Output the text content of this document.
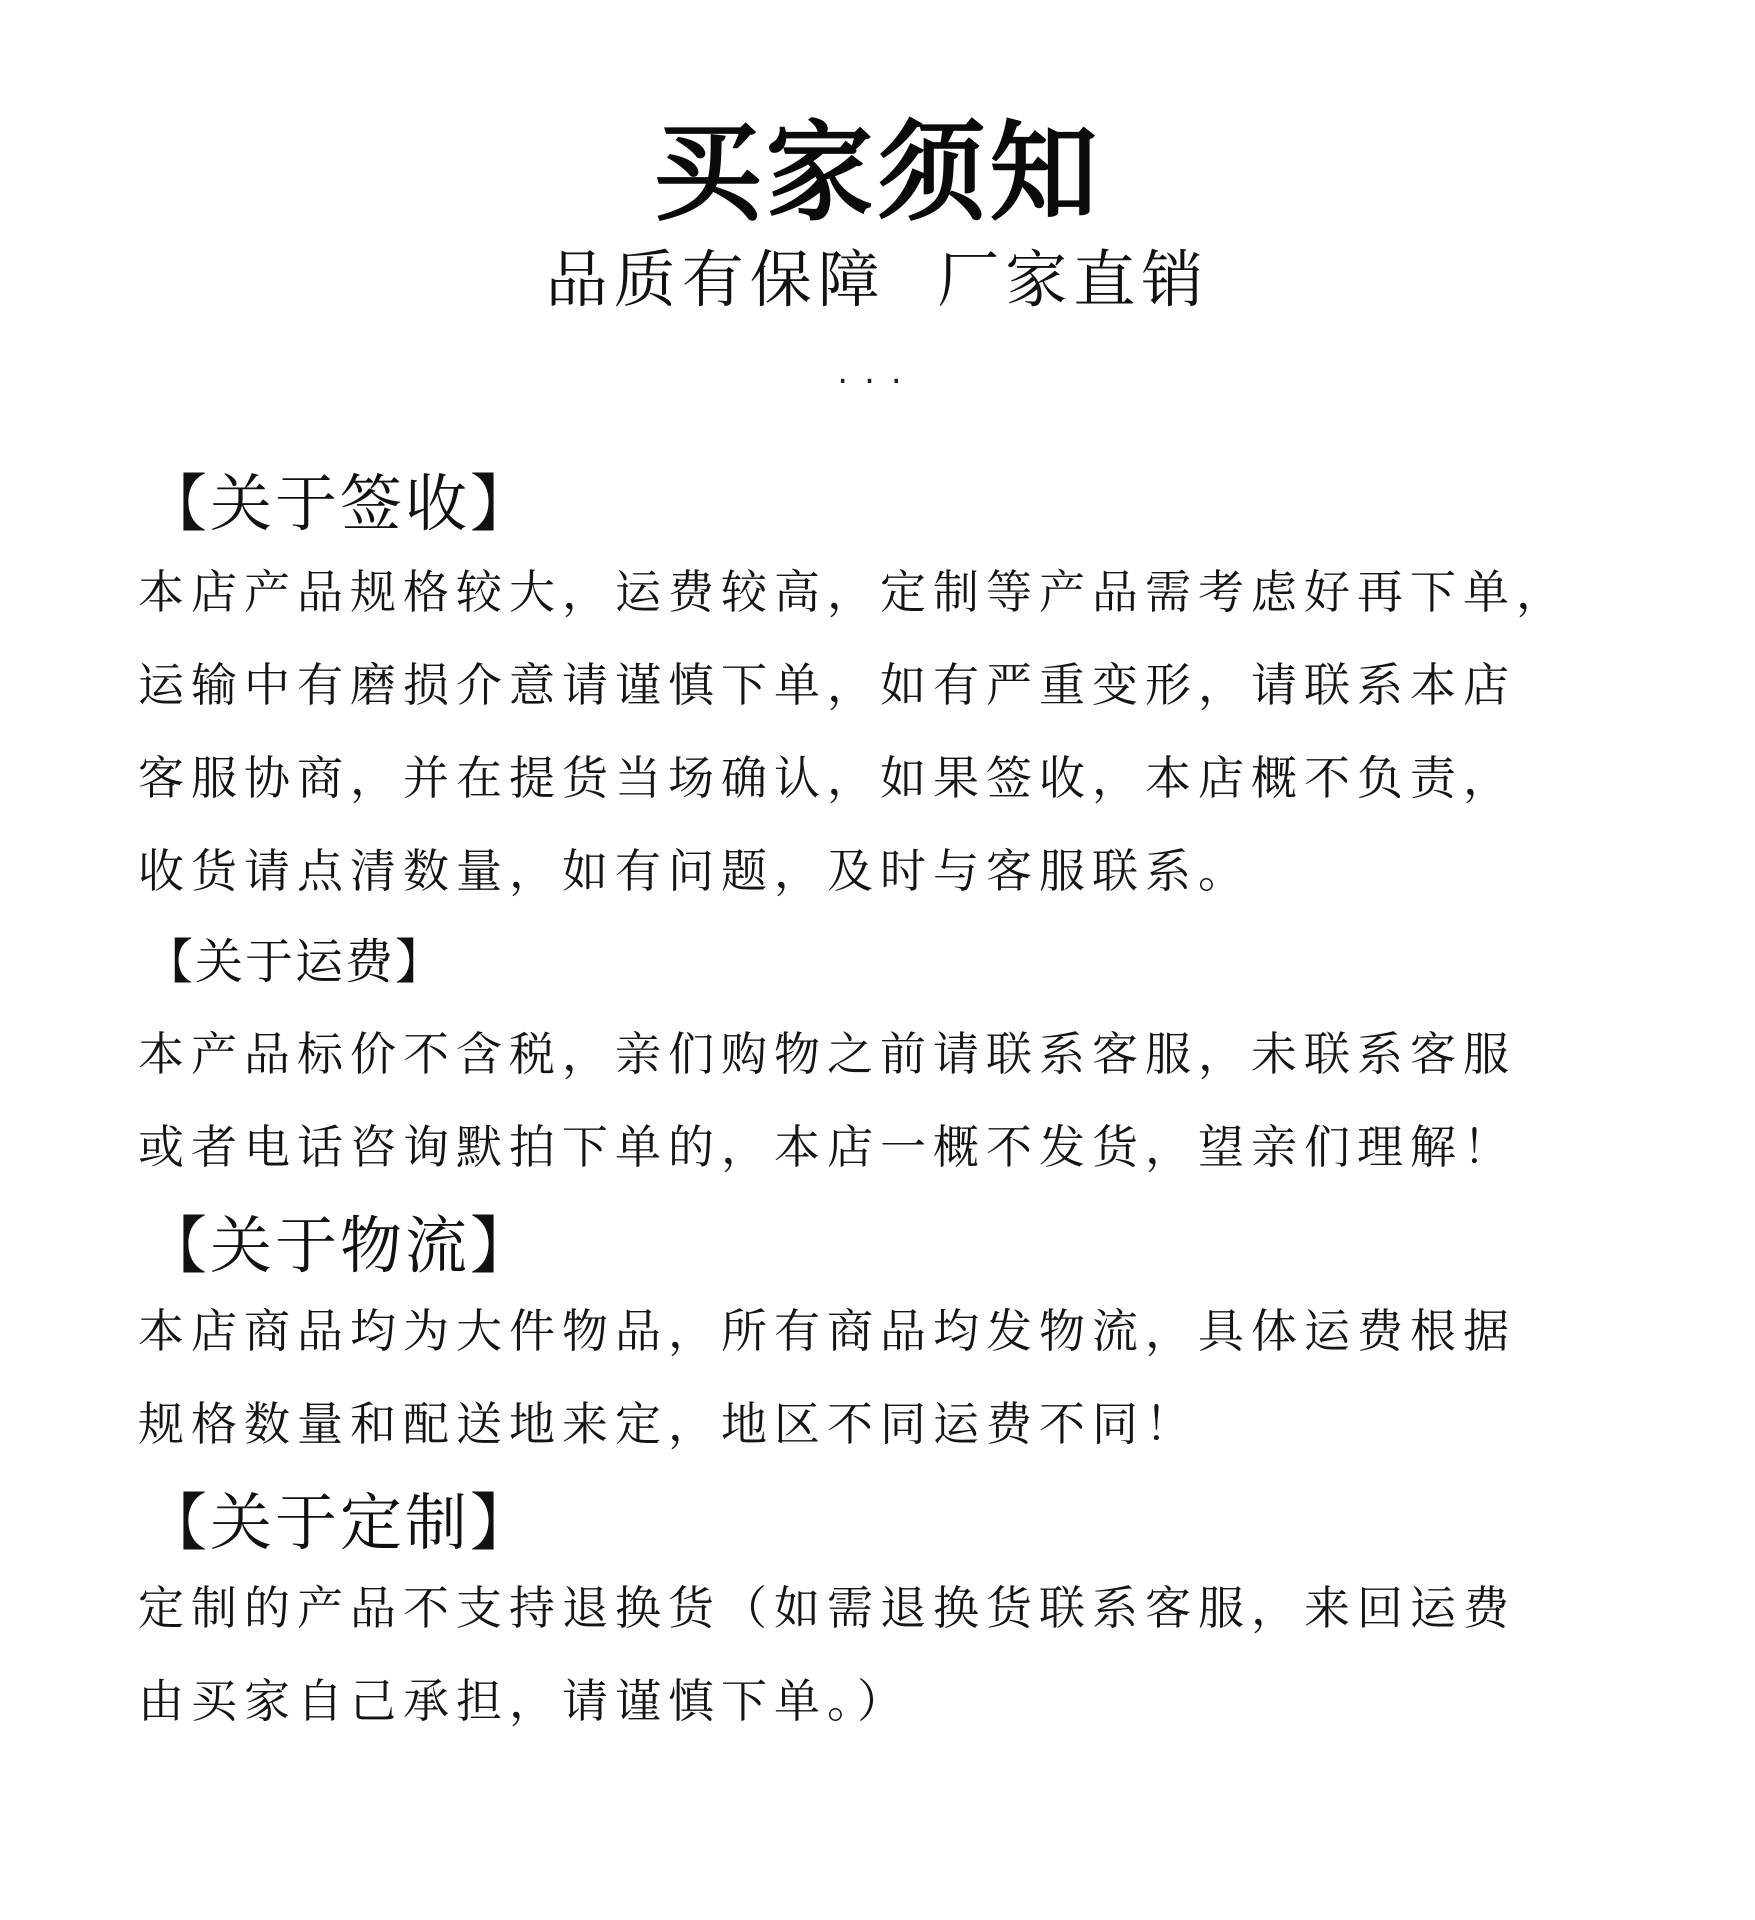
买家须知
品质有保障  厂家直销
...
【关于签收】
本店产品规格较大，运费较高，定制等产品需考虑好再下单，
运输中有磨损介意请谨慎下单，如有严重变形，请联系本店
客服协商，并在提货当场确认，如果签收，本店概不负责，
收货请点清数量，如有问题，及时与客服联系。
【关于运费】
本产品标价不含税，亲们购物之前请联系客服，未联系客服
或者电话咨询默拍下单的，本店一概不发货，望亲们理解！
【关于物流】
本店商品均为大件物品，所有商品均发物流，具体运费根据
规格数量和配送地来定，地区不同运费不同！
【关于定制】
定制的产品不支持退换货（如需退换货联系客服，来回运费
由买家自己承担，请谨慎下单。）
